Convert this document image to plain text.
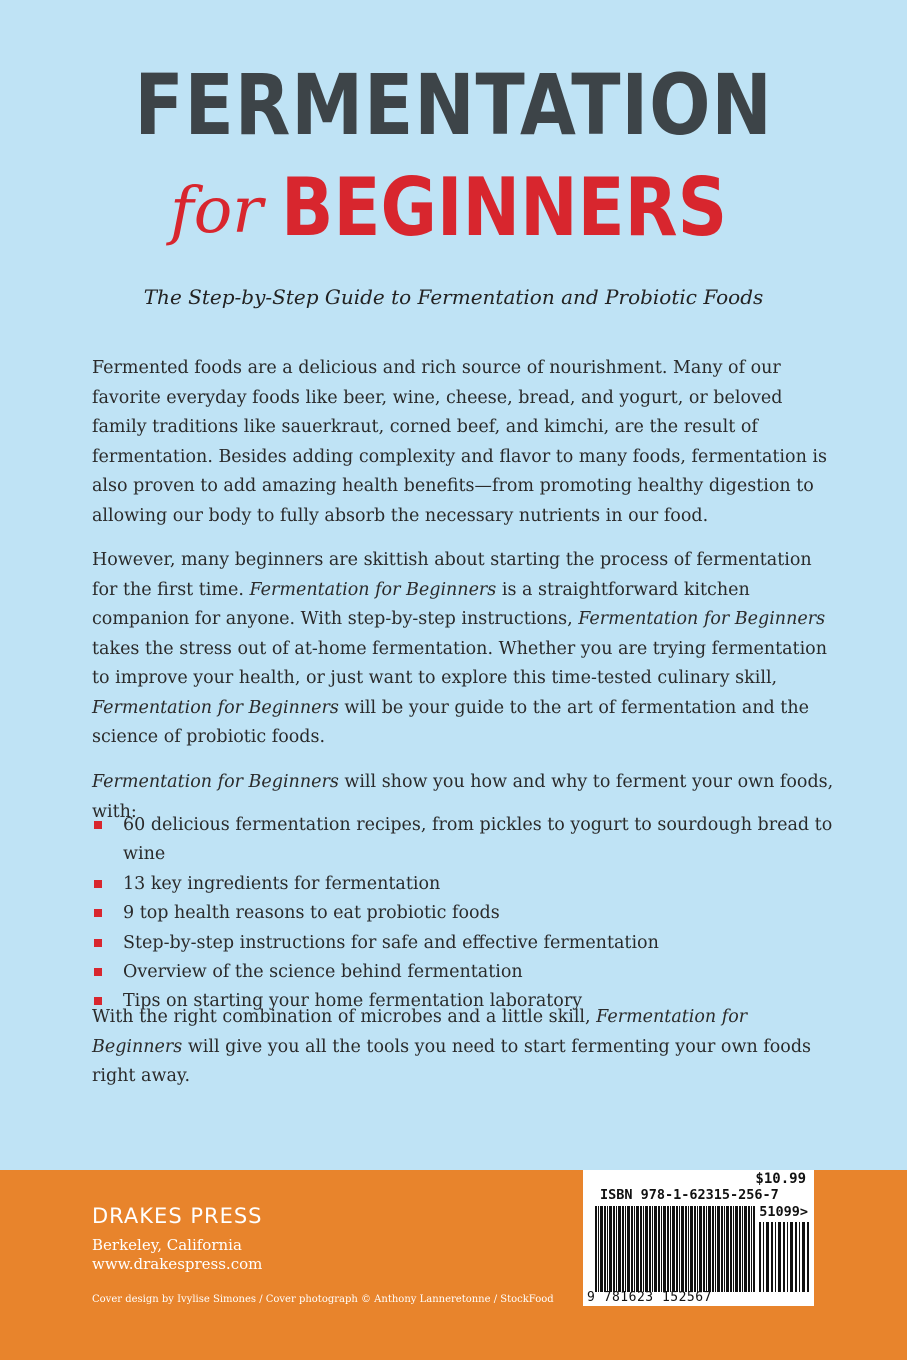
FERMENTATION
for BEGINNERS
The Step-by-Step Guide to Fermentation and Probiotic Foods

Fermented foods are a delicious and rich source of nourishment. Many of our favorite everyday foods like beer, wine, cheese, bread, and yogurt, or beloved family traditions like sauerkraut, corned beef, and kimchi, are the result of fermentation. Besides adding complexity and flavor to many foods, fermentation is also proven to add amazing health benefits—from promoting healthy digestion to allowing our body to fully absorb the necessary nutrients in our food.

However, many beginners are skittish about starting the process of fermentation for the first time. Fermentation for Beginners is a straightforward kitchen companion for anyone. With step-by-step instructions, Fermentation for Beginners takes the stress out of at-home fermentation. Whether you are trying fermentation to improve your health, or just want to explore this time-tested culinary skill, Fermentation for Beginners will be your guide to the art of fermentation and the science of probiotic foods.

Fermentation for Beginners will show you how and why to ferment your own foods, with:

60 delicious fermentation recipes, from pickles to yogurt to sourdough bread to wine
13 key ingredients for fermentation
9 top health reasons to eat probiotic foods
Step-by-step instructions for safe and effective fermentation
Overview of the science behind fermentation
Tips on starting your home fermentation laboratory

With the right combination of microbes and a little skill, Fermentation for Beginners will give you all the tools you need to start fermenting your own foods right away.

DRAKES PRESS
Berkeley, California
www.drakespress.com
Cover design by Ivylise Simones / Cover photograph © Anthony Lanneretonne / StockFood
$10.99
ISBN 978-1-62315-256-7
51099>
9 781623 152567
